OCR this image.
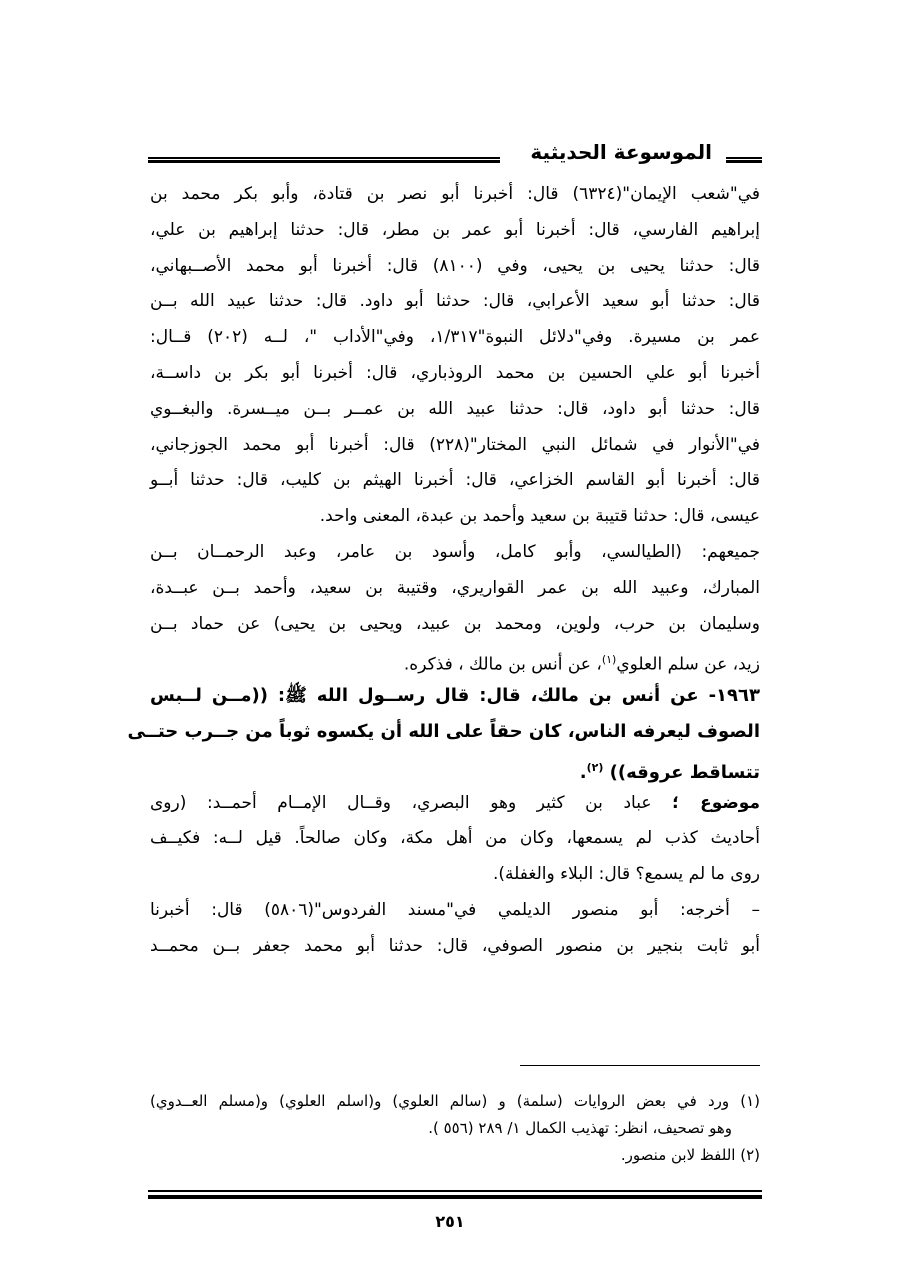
الموسوعة الحديثية
في"شعب الإيمان"(٦٣٢٤) قال: أخبرنا أبو نصر بن قتادة، وأبو بكر محمد بن
إبراهيم الفارسي، قال: أخبرنا أبو عمر بن مطر، قال: حدثنا إبراهيم بن علي،
قال: حدثنا يحيى بن يحيى، وفي (٨١٠٠) قال: أخبرنا أبو محمد الأصــبهاني،
قال: حدثنا أبو سعيد الأعرابي، قال: حدثنا أبو داود. قال: حدثنا عبيد الله بــن
عمر بن مسيرة. وفي"دلائل النبوة"١/٣١٧، وفي"الأداب "، لــه (٢٠٢) قــال:
أخبرنا أبو علي الحسين بن محمد الروذباري، قال: أخبرنا أبو بكر بن داســة،
قال: حدثنا أبو داود، قال: حدثنا عبيد الله بن عمــر بــن ميــسرة. والبغــوي
في"الأنوار في شمائل النبي المختار"(٢٢٨) قال: أخبرنا أبو محمد الجوزجاني،
قال: أخبرنا أبو القاسم الخزاعي، قال: أخبرنا الهيثم بن كليب، قال: حدثنا أبــو
عيسى، قال: حدثنا قتيبة بن سعيد وأحمد بن عبدة، المعنى واحد.
جميعهم: (الطيالسي، وأبو كامل، وأسود بن عامر، وعبد الرحمــان بــن
المبارك، وعبيد الله بن عمر القواريري، وقتيبة بن سعيد، وأحمد بــن عبــدة،
وسليمان بن حرب، ولوين، ومحمد بن عبيد، ويحيى بن يحيى) عن حماد بــن
زيد، عن سلم العلوي$^{(١)}$، عن أنس بن مالك ، فذكره.
١٩٦٣- عن أنس بن مالك، قال: قال رســول الله ﷺ: ((مــن لــبس
الصوف ليعرفه الناس، كان حقاً على الله أن يكسوه ثوباً من جــرب حتــى
تتساقط عروقه)) $^{(٢)}$.
موضوع ؛ عباد بن كثير وهو البصري، وقــال الإمــام أحمــد: (روى
أحاديث كذب لم يسمعها، وكان من أهل مكة، وكان صالحاً. قيل لــه: فكيــف
روى ما لم يسمع؟ قال: البلاء والغفلة).
– أخرجه: أبو منصور الديلمي في"مسند الفردوس"(٥٨٠٦) قال: أخبرنا
أبو ثابت بنجير بن منصور الصوفي، قال: حدثنا أبو محمد جعفر بــن محمــد
(١) ورد في بعض الروايات (سلمة) و (سالم العلوي) و(اسلم العلوي) و(مسلم العــدوي)
وهو تصحيف، انظر: تهذيب الكمال ١/ ٢٨٩ (٥٥٦ ).
(٢) اللفظ لابن منصور.
٢٥١
